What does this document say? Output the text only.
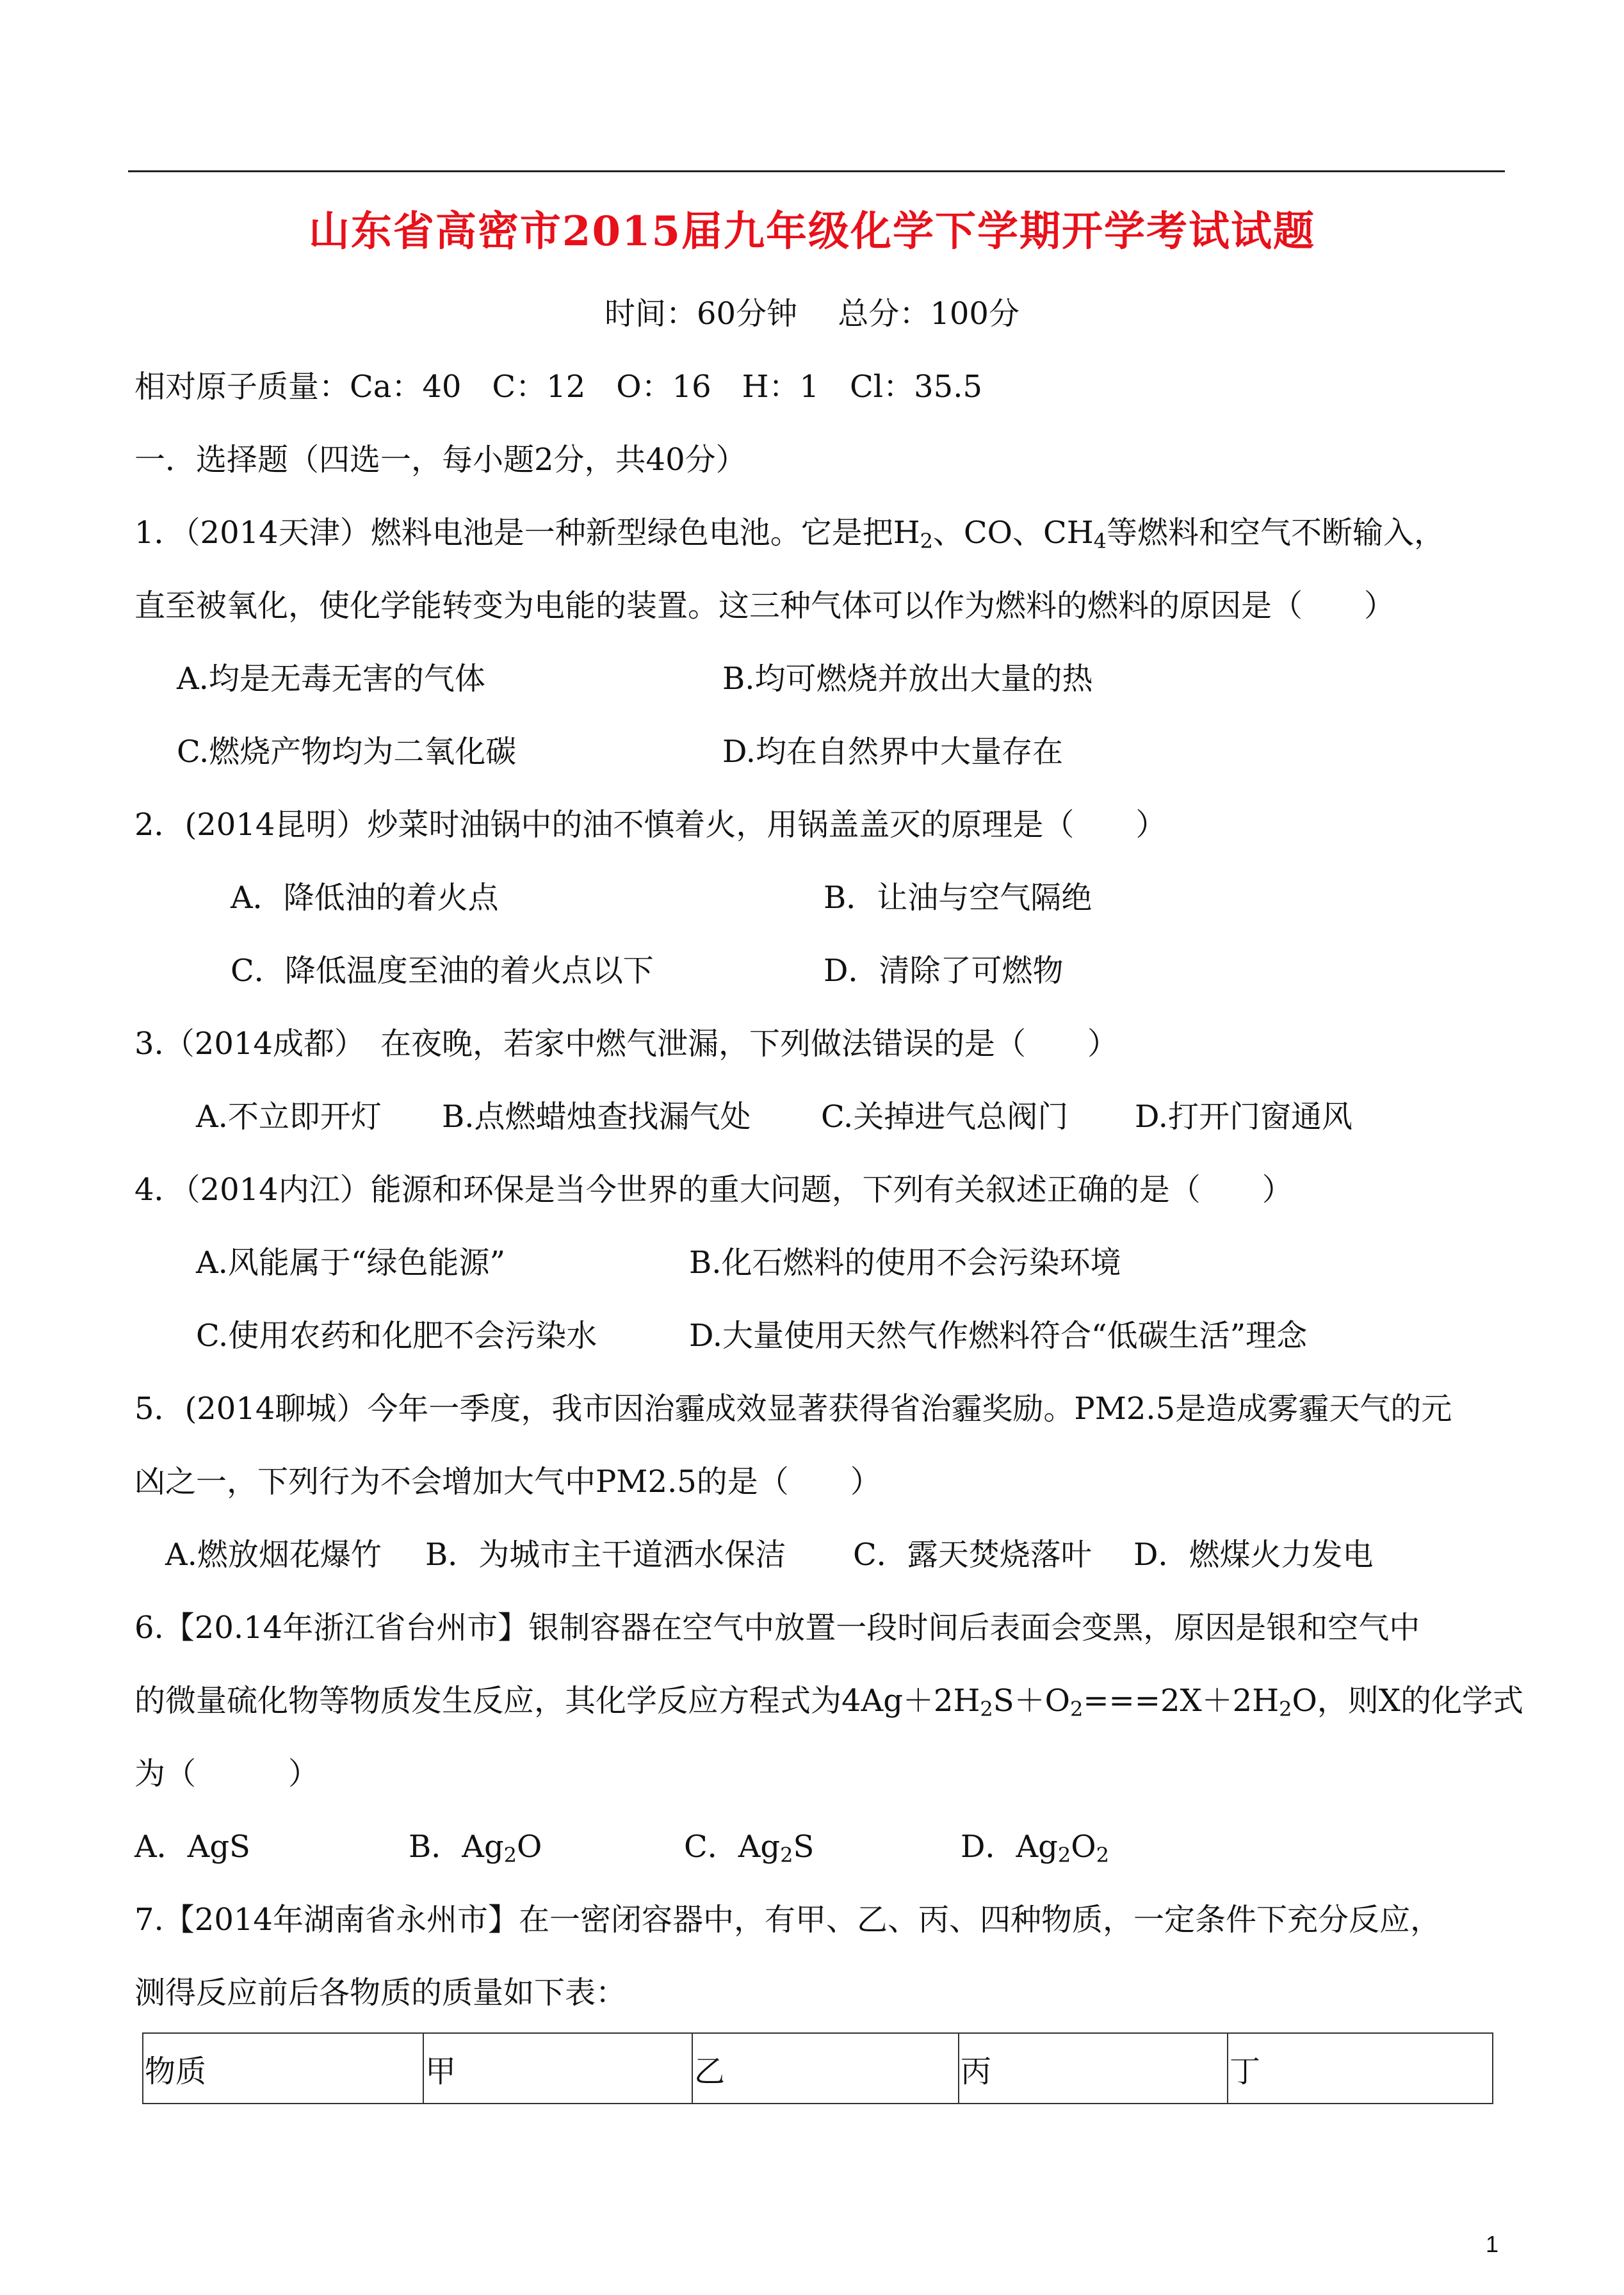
山东省高密市2015届九年级化学下学期开学考试试题
时间：60分钟　 总分：100分
相对原子质量：Ca：40　C：12　O：16　H：1　Cl：35.5
一．选择题（四选一，每小题2分，共40分）
1．（2014天津）燃料电池是一种新型绿色电池。它是把$H_2$、CO、$CH_4$等燃料和空气不断输入，
直至被氧化，使化学能转变为电能的装置。这三种气体可以作为燃料的燃料的原因是（　　）
A.均是无毒无害的气体	B.均可燃烧并放出大量的热
C.燃烧产物均为二氧化碳	D.均在自然界中大量存在
2．(2014昆明）炒菜时油锅中的油不慎着火，用锅盖盖灭的原理是（　　）
A．降低油的着火点	B．让油与空气隔绝
C．降低温度至油的着火点以下	D．清除了可燃物
3.（2014成都）　在夜晚，若家中燃气泄漏，下列做法错误的是（　　）
A.不立即开灯 B.点燃蜡烛查找漏气处 C.关掉进气总阀门 D.打开门窗通风
4．（2014内江）能源和环保是当今世界的重大问题，下列有关叙述正确的是（　　）
A.风能属于“绿色能源”	B.化石燃料的使用不会污染环境
C.使用农药和化肥不会污染水	D.大量使用天然气作燃料符合“低碳生活”理念
5．(2014聊城）今年一季度，我市因治霾成效显著获得省治霾奖励。PM2.5是造成雾霾天气的元
凶之一，下列行为不会增加大气中PM2.5的是（　　）
A.燃放烟花爆竹 B．为城市主干道洒水保洁 C．露天焚烧落叶 D．燃煤火力发电
6.【20.14年浙江省台州市】银制容器在空气中放置一段时间后表面会变黑，原因是银和空气中
的微量硫化物等物质发生反应，其化学反应方程式为$4Ag+2H_2S+O_2===2X+2H_2O$，则X的化学式
为（　　　）
A．AgS	B．$Ag_2O$	C．$Ag_2S$	D．$Ag_2O_2$
7.【2014年湖南省永州市】在一密闭容器中，有甲、乙、丙、四种物质，一定条件下充分反应，
测得反应前后各物质的质量如下表：
物质	甲	乙	丙	丁
1
